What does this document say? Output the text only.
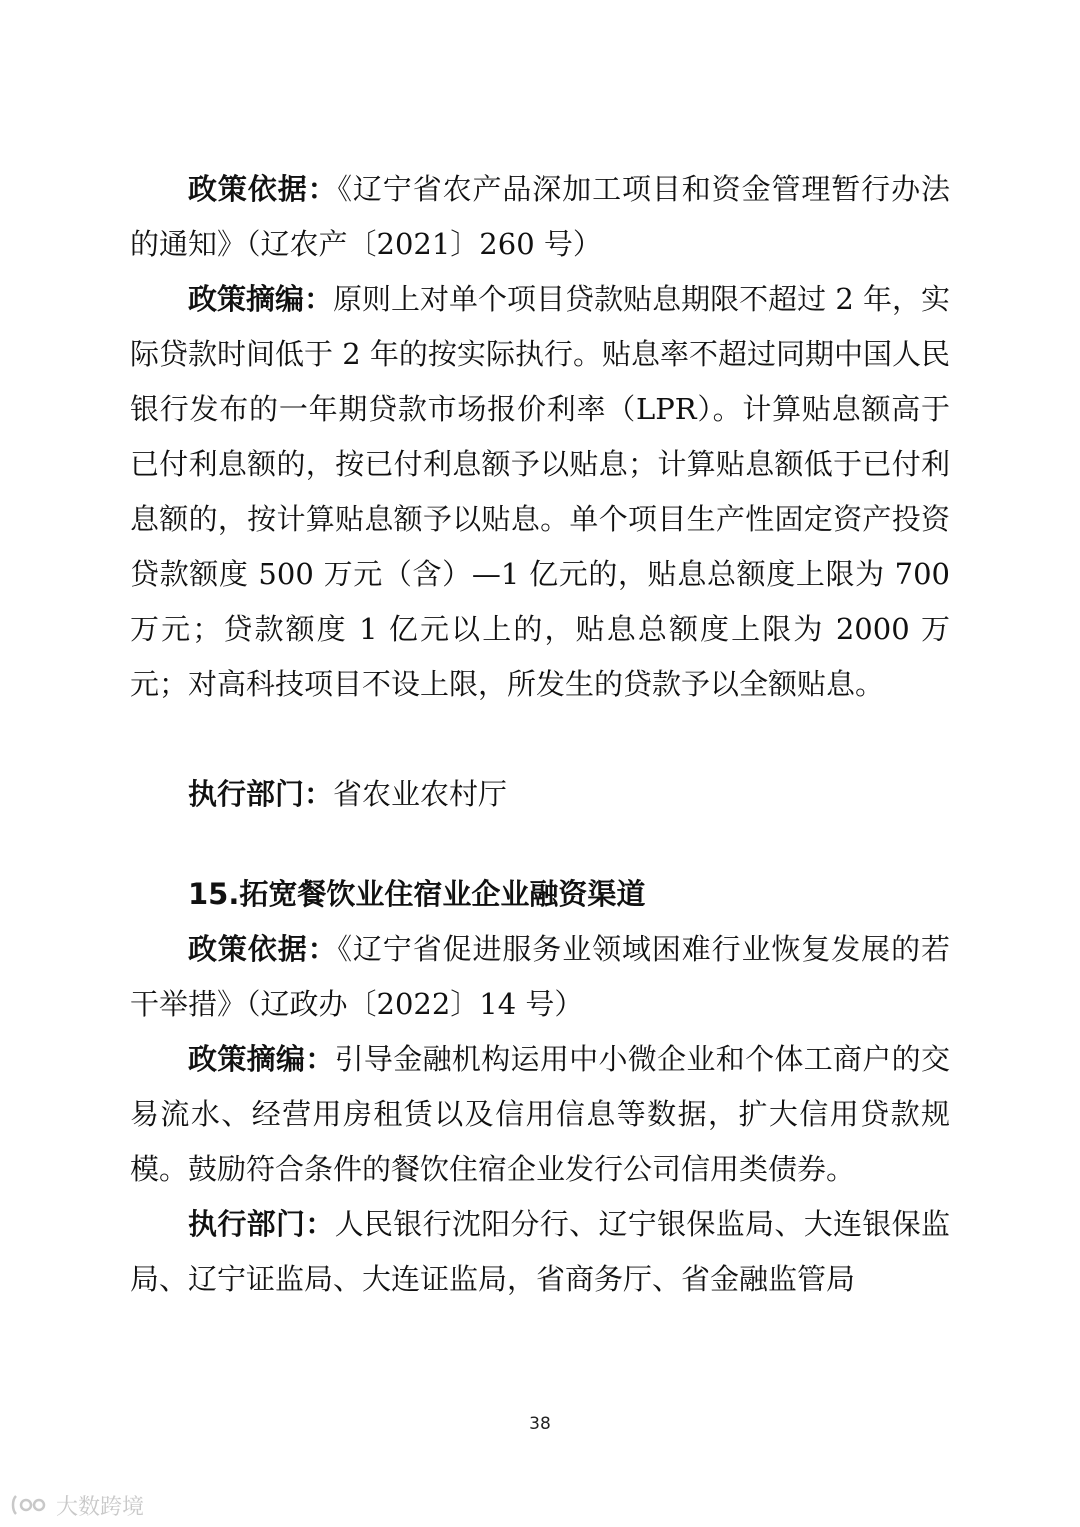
政策依据：《辽宁省农产品深加工项目和资金管理暂行办法的通知》（辽农产〔2021〕260 号）

政策摘编：原则上对单个项目贷款贴息期限不超过 2 年，实际贷款时间低于 2 年的按实际执行。贴息率不超过同期中国人民银行发布的一年期贷款市场报价利率（LPR）。计算贴息额高于已付利息额的，按已付利息额予以贴息；计算贴息额低于已付利息额的，按计算贴息额予以贴息。单个项目生产性固定资产投资贷款额度 500 万元（含）—1 亿元的，贴息总额度上限为 700 万元；贷款额度 1 亿元以上的，贴息总额度上限为 2000 万元；对高科技项目不设上限，所发生的贷款予以全额贴息。

执行部门：省农业农村厅

15.拓宽餐饮业住宿业企业融资渠道

政策依据：《辽宁省促进服务业领域困难行业恢复发展的若干举措》（辽政办〔2022〕14 号）

政策摘编：引导金融机构运用中小微企业和个体工商户的交易流水、经营用房租赁以及信用信息等数据，扩大信用贷款规模。鼓励符合条件的餐饮住宿企业发行公司信用类债券。

执行部门：人民银行沈阳分行、辽宁银保监局、大连银保监局、辽宁证监局、大连证监局，省商务厅、省金融监管局

38
大数跨境
